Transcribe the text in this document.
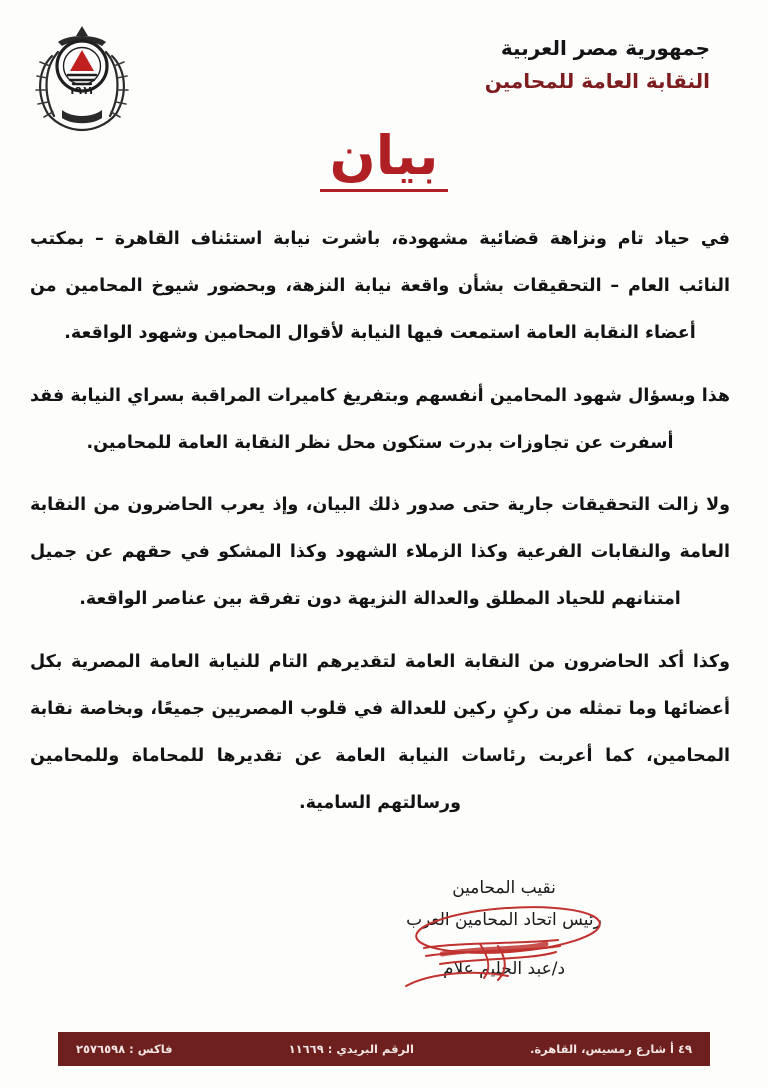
١٩١٢
جمهورية مصر العربية
النقابة العامة للمحامين
بيان

في حياد تام ونزاهة قضائية مشهودة، باشرت نيابة استئناف القاهرة – بمكتب النائب العام – التحقيقات بشأن واقعة نيابة النزهة، وبحضور شيوخ المحامين من أعضاء النقابة العامة استمعت فيها النيابة لأقوال المحامين وشهود الواقعة.

هذا وبسؤال شهود المحامين أنفسهم وبتفريغ كاميرات المراقبة بسراي النيابة فقد أسفرت عن تجاوزات بدرت ستكون محل نظر النقابة العامة للمحامين.

ولا زالت التحقيقات جارية حتى صدور ذلك البيان، وإذ يعرب الحاضرون من النقابة العامة والنقابات الفرعية وكذا الزملاء الشهود وكذا المشكو في حقهم عن جميل امتنانهم للحياد المطلق والعدالة النزيهة دون تفرقة بين عناصر الواقعة.

وكذا أكد الحاضرون من النقابة العامة لتقديرهم التام للنيابة العامة المصرية بكل أعضائها وما تمثله من ركنٍ ركين للعدالة في قلوب المصريين جميعًا، وبخاصة نقابة المحامين، كما أعربت رئاسات النيابة العامة عن تقديرها للمحاماة وللمحامين ورسالتهم السامية.

نقيب المحامين
رئيس اتحاد المحامين العرب
د/عبد الحليم علام
٤٩ أ شارع رمسيس، القاهرة.
الرقم البريدي : ١١٦٦٩
فاكس : ٢٥٧٦٥٩٨
